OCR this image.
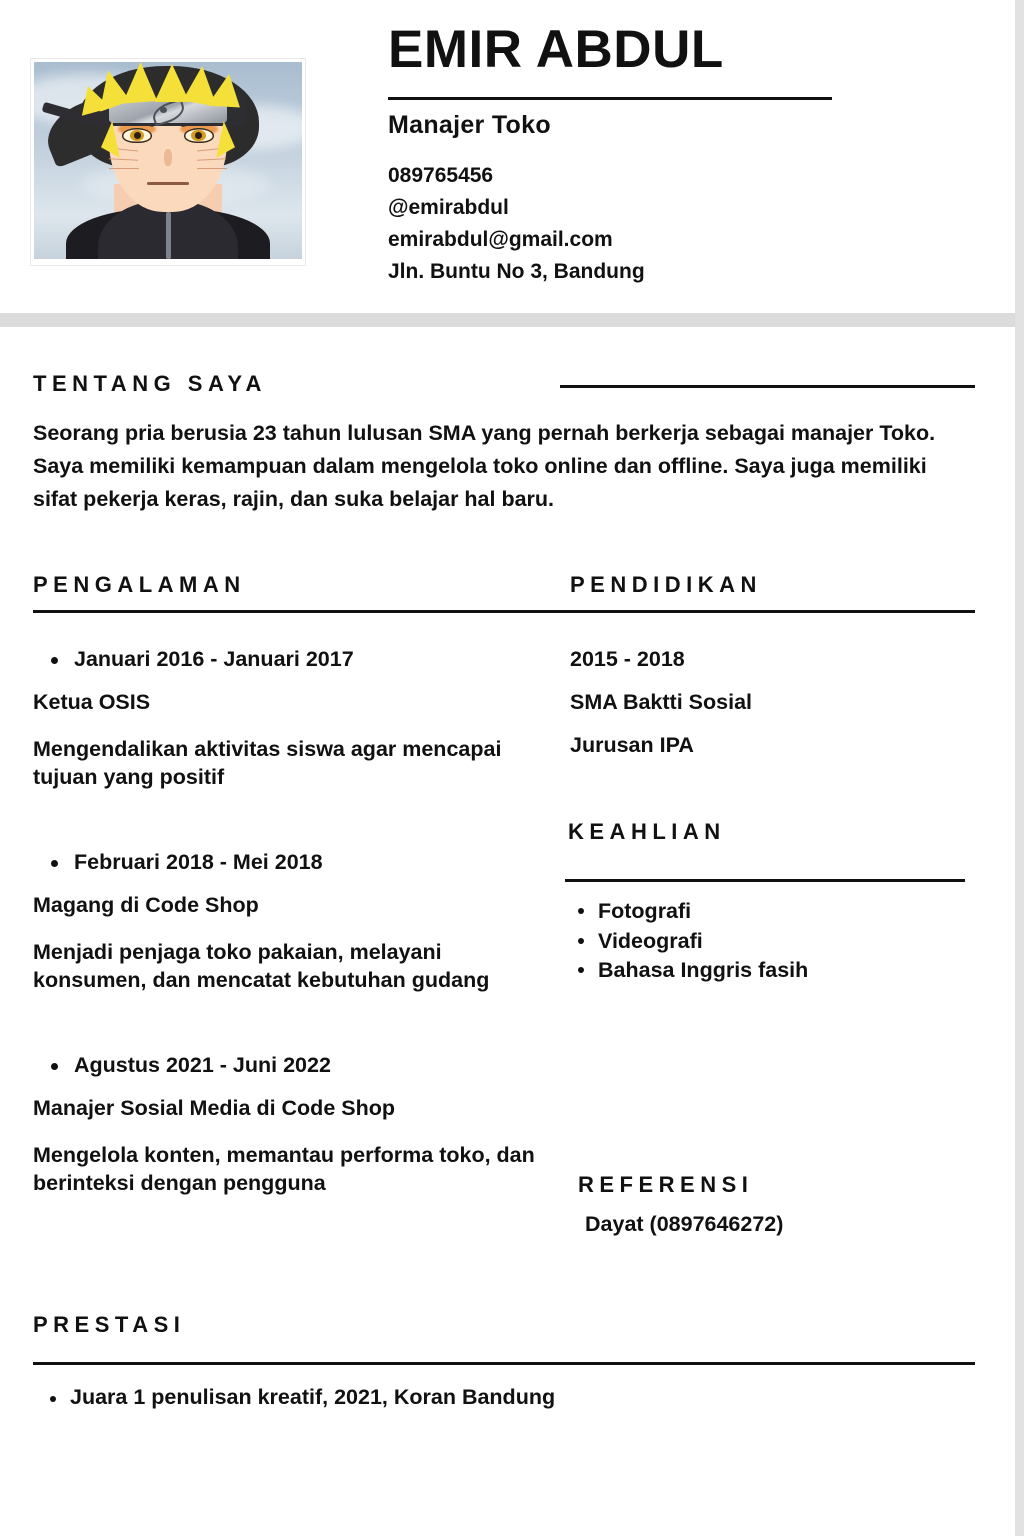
EMIR ABDUL
Manajer Toko
089765456
@emirabdul
emirabdul@gmail.com
Jln. Buntu No 3, Bandung
TENTANG SAYA
Seorang pria berusia 23 tahun lulusan SMA yang pernah berkerja sebagai manajer Toko. Saya memiliki kemampuan dalam mengelola toko online dan offline. Saya juga memiliki sifat pekerja keras, rajin, dan suka belajar hal baru.
PENGALAMAN	PENDIDIKAN
Januari 2016 - Januari 2017
Ketua OSIS
Mengendalikan aktivitas siswa agar mencapai tujuan yang positif
Februari 2018 - Mei 2018
Magang di Code Shop
Menjadi penjaga toko pakaian, melayani konsumen, dan mencatat kebutuhan gudang
Agustus 2021 - Juni 2022
Manajer Sosial Media di Code Shop
Mengelola konten, memantau performa toko, dan berinteksi dengan pengguna
2015 - 2018
SMA Baktti Sosial
Jurusan IPA
KEAHLIAN
Fotografi
Videografi
Bahasa Inggris fasih
REFERENSI
Dayat (0897646272)
PRESTASI
Juara 1 penulisan kreatif, 2021, Koran Bandung
